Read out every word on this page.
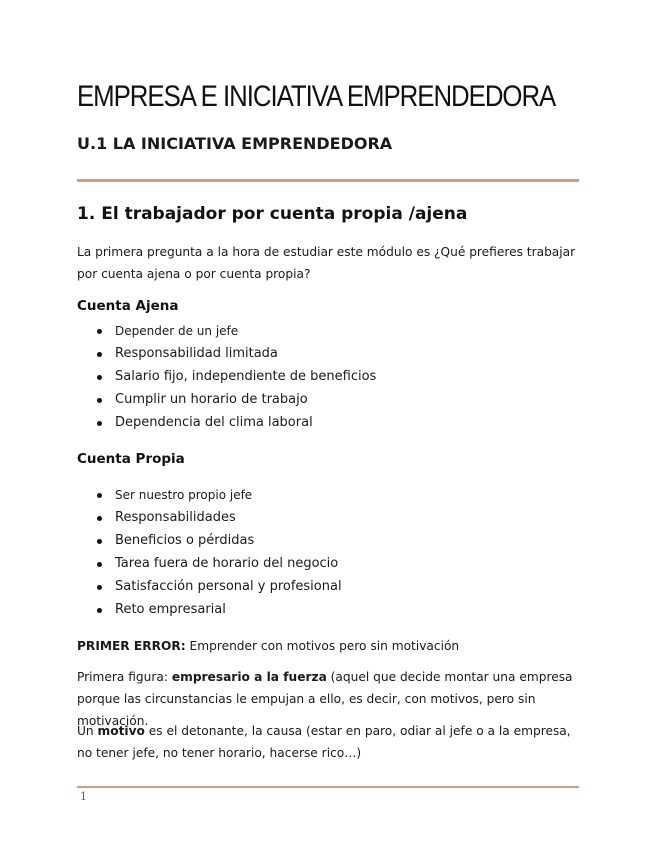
EMPRESA E INICIATIVA EMPRENDEDORA
U.1 LA INICIATIVA EMPRENDEDORA
1. El trabajador por cuenta propia /ajena

La primera pregunta a la hora de estudiar este módulo es ¿Qué prefieres trabajar por cuenta ajena o por cuenta propia?

Cuenta Ajena
Depender de un jefe
Responsabilidad limitada
Salario fijo, independiente de beneficios
Cumplir un horario de trabajo
Dependencia del clima laboral
Cuenta Propia
Ser nuestro propio jefe
Responsabilidades
Beneficios o pérdidas
Tarea fuera de horario del negocio
Satisfacción personal y profesional
Reto empresarial

PRIMER ERROR: Emprender con motivos pero sin motivación

Primera figura: empresario a la fuerza (aquel que decide montar una empresa porque las circunstancias le empujan a ello, es decir, con motivos, pero sin motivación.

Un motivo es el detonante, la causa (estar en paro, odiar al jefe o a la empresa, no tener jefe, no tener horario, hacerse rico…)

1
